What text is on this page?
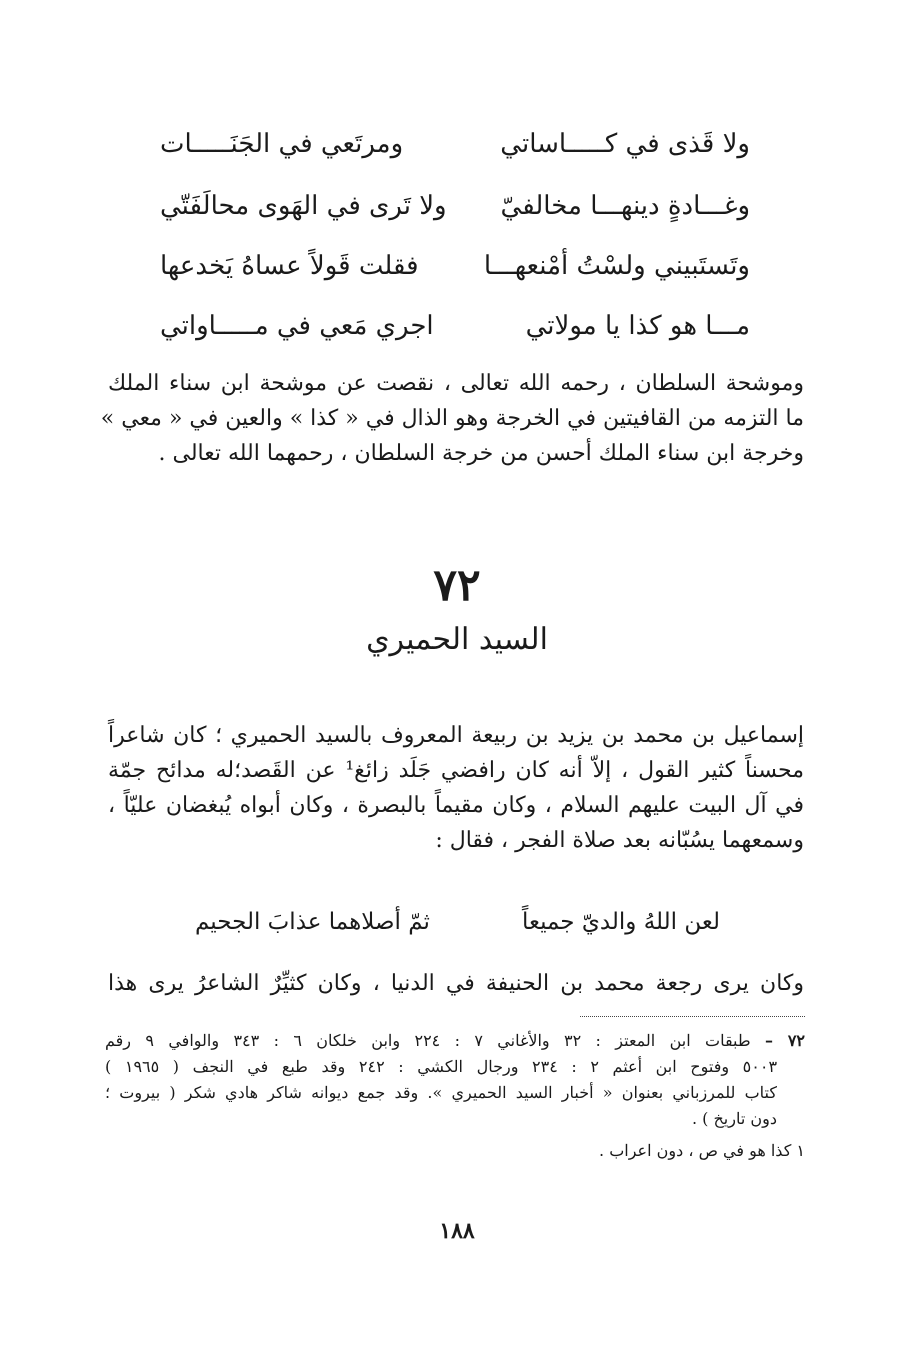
ولا قَذى في كـــــاساتي
ومرتَعي في الجَنَـــــات
وغـــادةٍ دينهـــا مخالفيّ
ولا تَرى في الهَوى محالَفَتّي
وتَستَبيني ولسْتُ أمْنعهـــا
فقلت قَولاً عساهُ يَخدعها
مـــا هو كذا يا مولاتي
اجري مَعي في مـــــاواتي
وموشحة السلطان ، رحمه الله تعالى ، نقصت عن موشحة ابن سناء الملك
ما التزمه من القافيتين في الخرجة وهو الذال في « كذا » والعين في « معي »
وخرجة ابن سناء الملك أحسن من خرجة السلطان ، رحمهما الله تعالى .
٧٢
السيد الحميري
إسماعيل بن محمد بن يزيد بن ربيعة المعروف بالسيد الحميري ؛ كان شاعراً
محسناً كثير القول ، إلاّ أنه كان رافضي جَلَد زائغ¹ عن القَصد؛له مدائح جمّة
في آل البيت عليهم السلام ، وكان مقيماً بالبصرة ، وكان أبواه يُبغضان عليّاً ،
وسمعهما يسُبّانه بعد صلاة الفجر ، فقال :
لعن اللهُ والديّ جميعاً
ثمّ أصلاهما عذابَ الجحيم
وكان يرى رجعة محمد بن الحنيفة في الدنيا ، وكان كثيِّرٌ الشاعرُ يرى هذا
٧٢ – طبقات ابن المعتز : ٣٢ والأغاني ٧ : ٢٢٤ وابن خلكان ٦ : ٣٤٣ والوافي ٩ رقم
٥٠٠٣ وفتوح ابن أعثم ٢ : ٢٣٤ ورجال الكشي : ٢٤٢ وقد طبع في النجف ( ١٩٦٥ )
كتاب للمرزباني بعنوان « أخبار السيد الحميري ». وقد جمع ديوانه شاكر هادي شكر ( بيروت ؛
دون تاريخ ) .
١ كذا هو في ص ، دون اعراب .
١٨٨
